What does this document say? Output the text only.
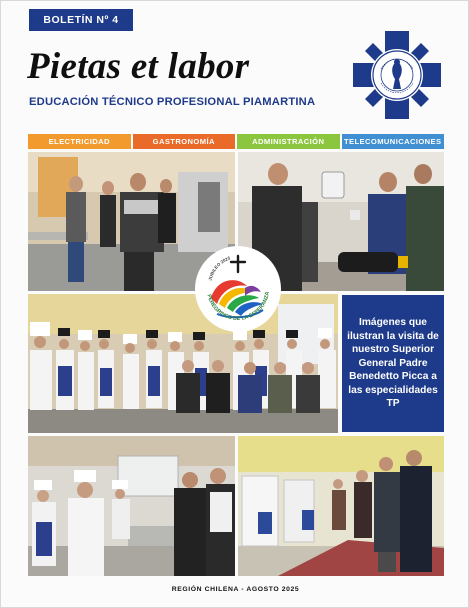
BOLETÍN Nº 4
Pietas et labor
EDUCACIÓN TÉCNICO PROFESIONAL PIAMARTINA
ELECTRICIDAD	GASTRONOMÍA	ADMINISTRACIÓN	TELECOMUNICACIONES
Imágenes que ilustran la visita de nuestro Superior General Padre Benedetto Picca a las especialidades TP
PEREGRINOS DE LA ESPERANZA
JUBILEO 2025
REGIÓN CHILENA - AGOSTO 2025
